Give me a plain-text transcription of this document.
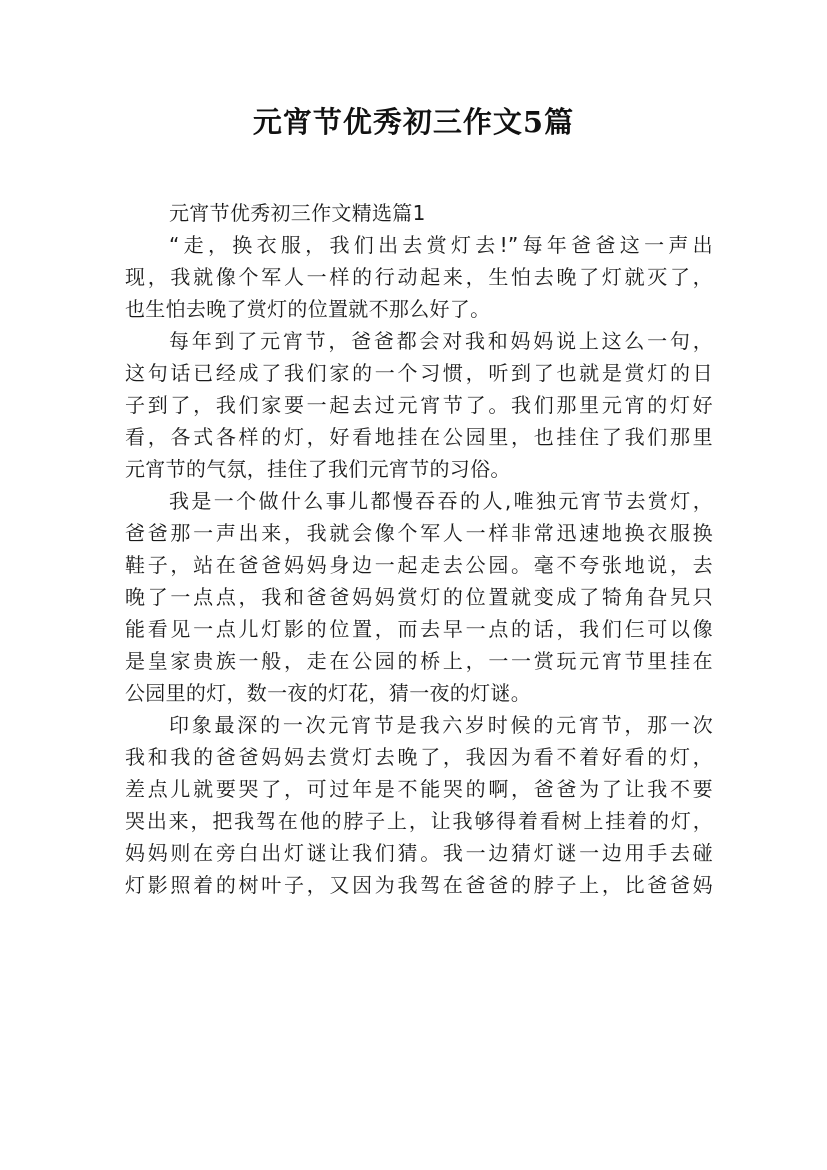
元宵节优秀初三作文5篇
元宵节优秀初三作文精选篇1
“走，换衣服，我们出去赏灯去!”每年爸爸这一声出
现，我就像个军人一样的行动起来，生怕去晚了灯就灭了，
也生怕去晚了赏灯的位置就不那么好了。
每年到了元宵节，爸爸都会对我和妈妈说上这么一句，
这句话已经成了我们家的一个习惯，听到了也就是赏灯的日
子到了，我们家要一起去过元宵节了。我们那里元宵的灯好
看，各式各样的灯，好看地挂在公园里，也挂住了我们那里
元宵节的气氛，挂住了我们元宵节的习俗。
我是一个做什么事儿都慢吞吞的人,唯独元宵节去赏灯，
爸爸那一声出来，我就会像个军人一样非常迅速地换衣服换
鞋子，站在爸爸妈妈身边一起走去公园。毫不夸张地说，去
晚了一点点，我和爸爸妈妈赏灯的位置就变成了犄角旮旯只
能看见一点儿灯影的位置，而去早一点的话，我们仨可以像
是皇家贵族一般，走在公园的桥上，一一赏玩元宵节里挂在
公园里的灯，数一夜的灯花，猜一夜的灯谜。
印象最深的一次元宵节是我六岁时候的元宵节，那一次
我和我的爸爸妈妈去赏灯去晚了，我因为看不着好看的灯，
差点儿就要哭了，可过年是不能哭的啊，爸爸为了让我不要
哭出来，把我驾在他的脖子上，让我够得着看树上挂着的灯，
妈妈则在旁白出灯谜让我们猜。我一边猜灯谜一边用手去碰
灯影照着的树叶子，又因为我驾在爸爸的脖子上，比爸爸妈
